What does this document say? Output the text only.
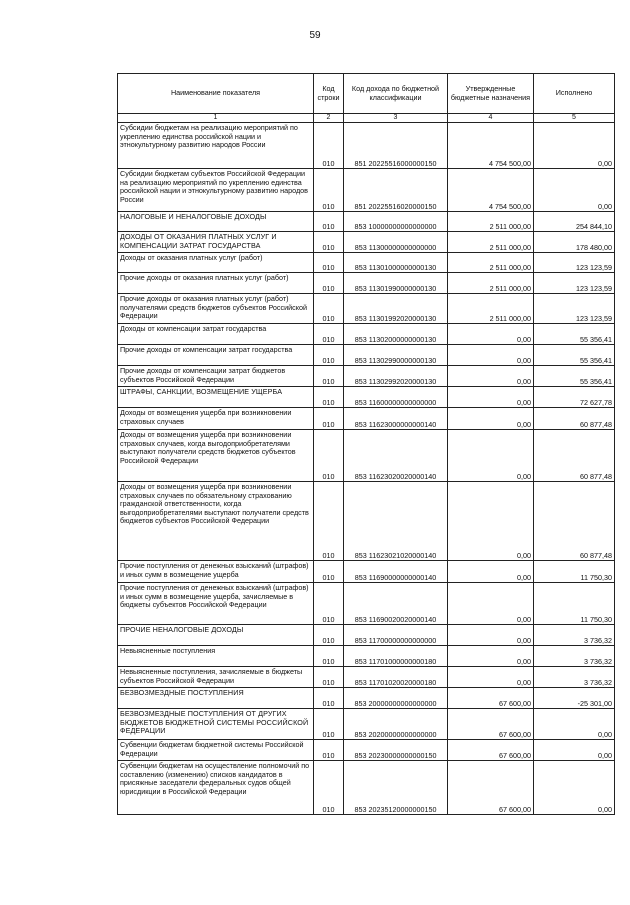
59
Наименование показателя	Код строки	Код дохода по бюджетной классификации	Утвержденные бюджетные назначения	Исполнено
1	2	3	4	5
Субсидии бюджетам на реализацию мероприятий по укреплению единства российской нации и этнокультурному развитию народов России	010	851 20225516000000150	4 754 500,00	0,00
Субсидии бюджетам субъектов Российской Федерации на реализацию мероприятий по укреплению единства российской нации и этнокультурному развитию народов России	010	851 20225516020000150	4 754 500,00	0,00
НАЛОГОВЫЕ И НЕНАЛОГОВЫЕ ДОХОДЫ	010	853 10000000000000000	2 511 000,00	254 844,10
ДОХОДЫ ОТ ОКАЗАНИЯ ПЛАТНЫХ УСЛУГ И КОМПЕНСАЦИИ ЗАТРАТ ГОСУДАРСТВА	010	853 11300000000000000	2 511 000,00	178 480,00
Доходы от оказания платных услуг (работ)	010	853 11301000000000130	2 511 000,00	123 123,59
Прочие доходы от оказания платных услуг (работ)	010	853 11301990000000130	2 511 000,00	123 123,59
Прочие доходы от оказания платных услуг (работ) получателями средств бюджетов субъектов Российской Федерации	010	853 11301992020000130	2 511 000,00	123 123,59
Доходы от компенсации затрат государства	010	853 11302000000000130	0,00	55 356,41
Прочие доходы от компенсации затрат государства	010	853 11302990000000130	0,00	55 356,41
Прочие доходы от компенсации затрат бюджетов субъектов Российской Федерации	010	853 11302992020000130	0,00	55 356,41
ШТРАФЫ, САНКЦИИ, ВОЗМЕЩЕНИЕ УЩЕРБА	010	853 11600000000000000	0,00	72 627,78
Доходы от возмещения ущерба при возникновении страховых случаев	010	853 11623000000000140	0,00	60 877,48
Доходы от возмещения ущерба при возникновении страховых случаев, когда выгодоприобретателями выступают получатели средств бюджетов субъектов Российской Федерации	010	853 11623020020000140	0,00	60 877,48
Доходы от возмещения ущерба при возникновении страховых случаев по обязательному страхованию гражданской ответственности, когда выгодоприобретателями выступают получатели средств бюджетов субъектов Российской Федерации	010	853 11623021020000140	0,00	60 877,48
Прочие поступления от денежных взысканий (штрафов) и иных сумм в возмещение ущерба	010	853 11690000000000140	0,00	11 750,30
Прочие поступления от денежных взысканий (штрафов) и иных сумм в возмещение ущерба, зачисляемые в бюджеты субъектов Российской Федерации	010	853 11690020020000140	0,00	11 750,30
ПРОЧИЕ НЕНАЛОГОВЫЕ ДОХОДЫ	010	853 11700000000000000	0,00	3 736,32
Невыясненные поступления	010	853 11701000000000180	0,00	3 736,32
Невыясненные поступления, зачисляемые в бюджеты субъектов Российской Федерации	010	853 11701020020000180	0,00	3 736,32
БЕЗВОЗМЕЗДНЫЕ ПОСТУПЛЕНИЯ	010	853 20000000000000000	67 600,00	-25 301,00
БЕЗВОЗМЕЗДНЫЕ ПОСТУПЛЕНИЯ ОТ ДРУГИХ БЮДЖЕТОВ БЮДЖЕТНОЙ СИСТЕМЫ РОССИЙСКОЙ ФЕДЕРАЦИИ	010	853 20200000000000000	67 600,00	0,00
Субвенции бюджетам бюджетной системы Российской Федерации	010	853 20230000000000150	67 600,00	0,00
Субвенции бюджетам на осуществление полномочий по составлению (изменению) списков кандидатов в присяжные заседатели федеральных судов общей юрисдикции в Российской Федерации	010	853 20235120000000150	67 600,00	0,00
